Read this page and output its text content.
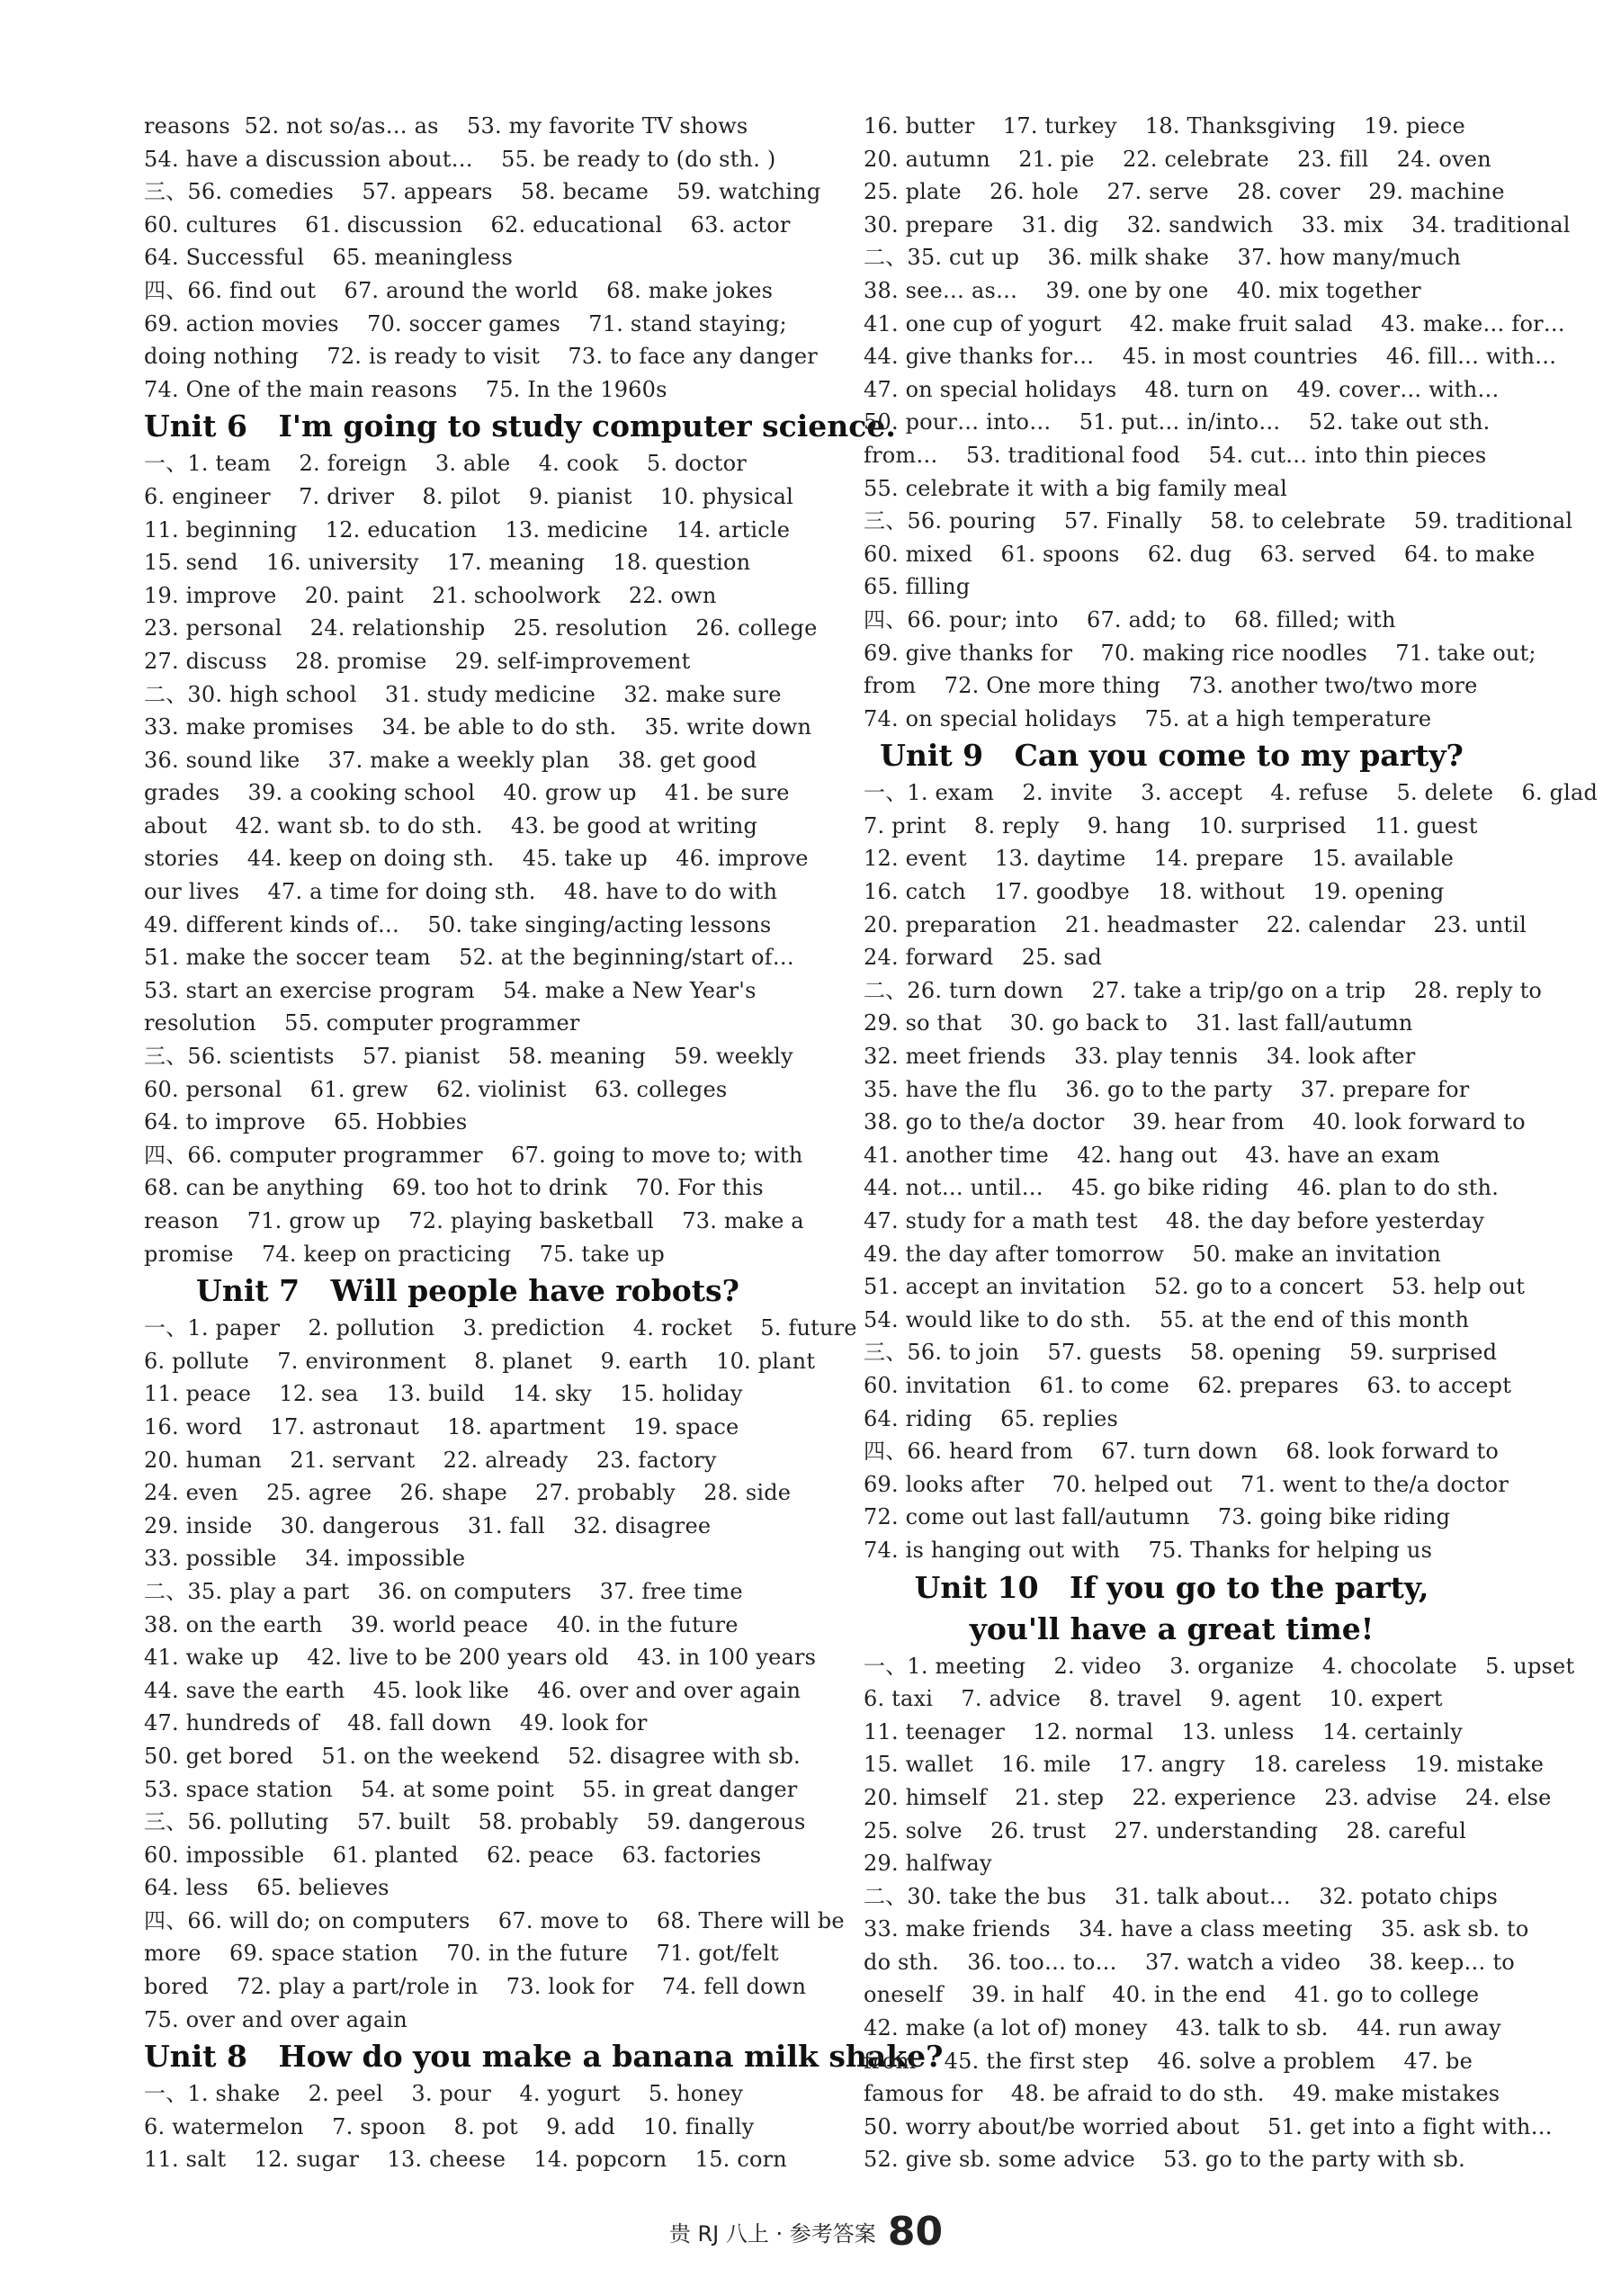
reasons  52. not so/as… as    53. my favorite TV shows
54. have a discussion about…    55. be ready to (do sth. )
三、56. comedies    57. appears    58. became    59. watching
60. cultures    61. discussion    62. educational    63. actor
64. Successful    65. meaningless
四、66. find out    67. around the world    68. make jokes
69. action movies    70. soccer games    71. stand staying;
doing nothing    72. is ready to visit    73. to face any danger
74. One of the main reasons    75. In the 1960s
Unit 6   I'm going to study computer science.
一、1. team    2. foreign    3. able    4. cook    5. doctor
6. engineer    7. driver    8. pilot    9. pianist    10. physical
11. beginning    12. education    13. medicine    14. article
15. send    16. university    17. meaning    18. question
19. improve    20. paint    21. schoolwork    22. own
23. personal    24. relationship    25. resolution    26. college
27. discuss    28. promise    29. self-improvement
二、30. high school    31. study medicine    32. make sure
33. make promises    34. be able to do sth.    35. write down
36. sound like    37. make a weekly plan    38. get good
grades    39. a cooking school    40. grow up    41. be sure
about    42. want sb. to do sth.    43. be good at writing
stories    44. keep on doing sth.    45. take up    46. improve
our lives    47. a time for doing sth.    48. have to do with
49. different kinds of…    50. take singing/acting lessons
51. make the soccer team    52. at the beginning/start of…
53. start an exercise program    54. make a New Year's
resolution    55. computer programmer
三、56. scientists    57. pianist    58. meaning    59. weekly
60. personal    61. grew    62. violinist    63. colleges
64. to improve    65. Hobbies
四、66. computer programmer    67. going to move to; with
68. can be anything    69. too hot to drink    70. For this
reason    71. grow up    72. playing basketball    73. make a
promise    74. keep on practicing    75. take up
Unit 7   Will people have robots?
一、1. paper    2. pollution    3. prediction    4. rocket    5. future
6. pollute    7. environment    8. planet    9. earth    10. plant
11. peace    12. sea    13. build    14. sky    15. holiday
16. word    17. astronaut    18. apartment    19. space
20. human    21. servant    22. already    23. factory
24. even    25. agree    26. shape    27. probably    28. side
29. inside    30. dangerous    31. fall    32. disagree
33. possible    34. impossible
二、35. play a part    36. on computers    37. free time
38. on the earth    39. world peace    40. in the future
41. wake up    42. live to be 200 years old    43. in 100 years
44. save the earth    45. look like    46. over and over again
47. hundreds of    48. fall down    49. look for
50. get bored    51. on the weekend    52. disagree with sb.
53. space station    54. at some point    55. in great danger
三、56. polluting    57. built    58. probably    59. dangerous
60. impossible    61. planted    62. peace    63. factories
64. less    65. believes
四、66. will do; on computers    67. move to    68. There will be
more    69. space station    70. in the future    71. got/felt
bored    72. play a part/role in    73. look for    74. fell down
75. over and over again
Unit 8   How do you make a banana milk shake?
一、1. shake    2. peel    3. pour    4. yogurt    5. honey
6. watermelon    7. spoon    8. pot    9. add    10. finally
11. salt    12. sugar    13. cheese    14. popcorn    15. corn
16. butter    17. turkey    18. Thanksgiving    19. piece
20. autumn    21. pie    22. celebrate    23. fill    24. oven
25. plate    26. hole    27. serve    28. cover    29. machine
30. prepare    31. dig    32. sandwich    33. mix    34. traditional
二、35. cut up    36. milk shake    37. how many/much
38. see… as…    39. one by one    40. mix together
41. one cup of yogurt    42. make fruit salad    43. make… for…
44. give thanks for…    45. in most countries    46. fill… with…
47. on special holidays    48. turn on    49. cover… with…
50. pour… into…    51. put… in/into…    52. take out sth.
from…    53. traditional food    54. cut… into thin pieces
55. celebrate it with a big family meal
三、56. pouring    57. Finally    58. to celebrate    59. traditional
60. mixed    61. spoons    62. dug    63. served    64. to make
65. filling
四、66. pour; into    67. add; to    68. filled; with
69. give thanks for    70. making rice noodles    71. take out;
from    72. One more thing    73. another two/two more
74. on special holidays    75. at a high temperature
Unit 9   Can you come to my party?
一、1. exam    2. invite    3. accept    4. refuse    5. delete    6. glad
7. print    8. reply    9. hang    10. surprised    11. guest
12. event    13. daytime    14. prepare    15. available
16. catch    17. goodbye    18. without    19. opening
20. preparation    21. headmaster    22. calendar    23. until
24. forward    25. sad
二、26. turn down    27. take a trip/go on a trip    28. reply to
29. so that    30. go back to    31. last fall/autumn
32. meet friends    33. play tennis    34. look after
35. have the flu    36. go to the party    37. prepare for
38. go to the/a doctor    39. hear from    40. look forward to
41. another time    42. hang out    43. have an exam
44. not… until…    45. go bike riding    46. plan to do sth.
47. study for a math test    48. the day before yesterday
49. the day after tomorrow    50. make an invitation
51. accept an invitation    52. go to a concert    53. help out
54. would like to do sth.    55. at the end of this month
三、56. to join    57. guests    58. opening    59. surprised
60. invitation    61. to come    62. prepares    63. to accept
64. riding    65. replies
四、66. heard from    67. turn down    68. look forward to
69. looks after    70. helped out    71. went to the/a doctor
72. come out last fall/autumn    73. going bike riding
74. is hanging out with    75. Thanks for helping us
Unit 10   If you go to the party,
you'll have a great time!
一、1. meeting    2. video    3. organize    4. chocolate    5. upset
6. taxi    7. advice    8. travel    9. agent    10. expert
11. teenager    12. normal    13. unless    14. certainly
15. wallet    16. mile    17. angry    18. careless    19. mistake
20. himself    21. step    22. experience    23. advise    24. else
25. solve    26. trust    27. understanding    28. careful
29. halfway
二、30. take the bus    31. talk about…    32. potato chips
33. make friends    34. have a class meeting    35. ask sb. to
do sth.    36. too… to…    37. watch a video    38. keep… to
oneself    39. in half    40. in the end    41. go to college
42. make (a lot of) money    43. talk to sb.    44. run away
from    45. the first step    46. solve a problem    47. be
famous for    48. be afraid to do sth.    49. make mistakes
50. worry about/be worried about    51. get into a fight with…
52. give sb. some advice    53. go to the party with sb.
贵 RJ 八上 · 参考答案 80
